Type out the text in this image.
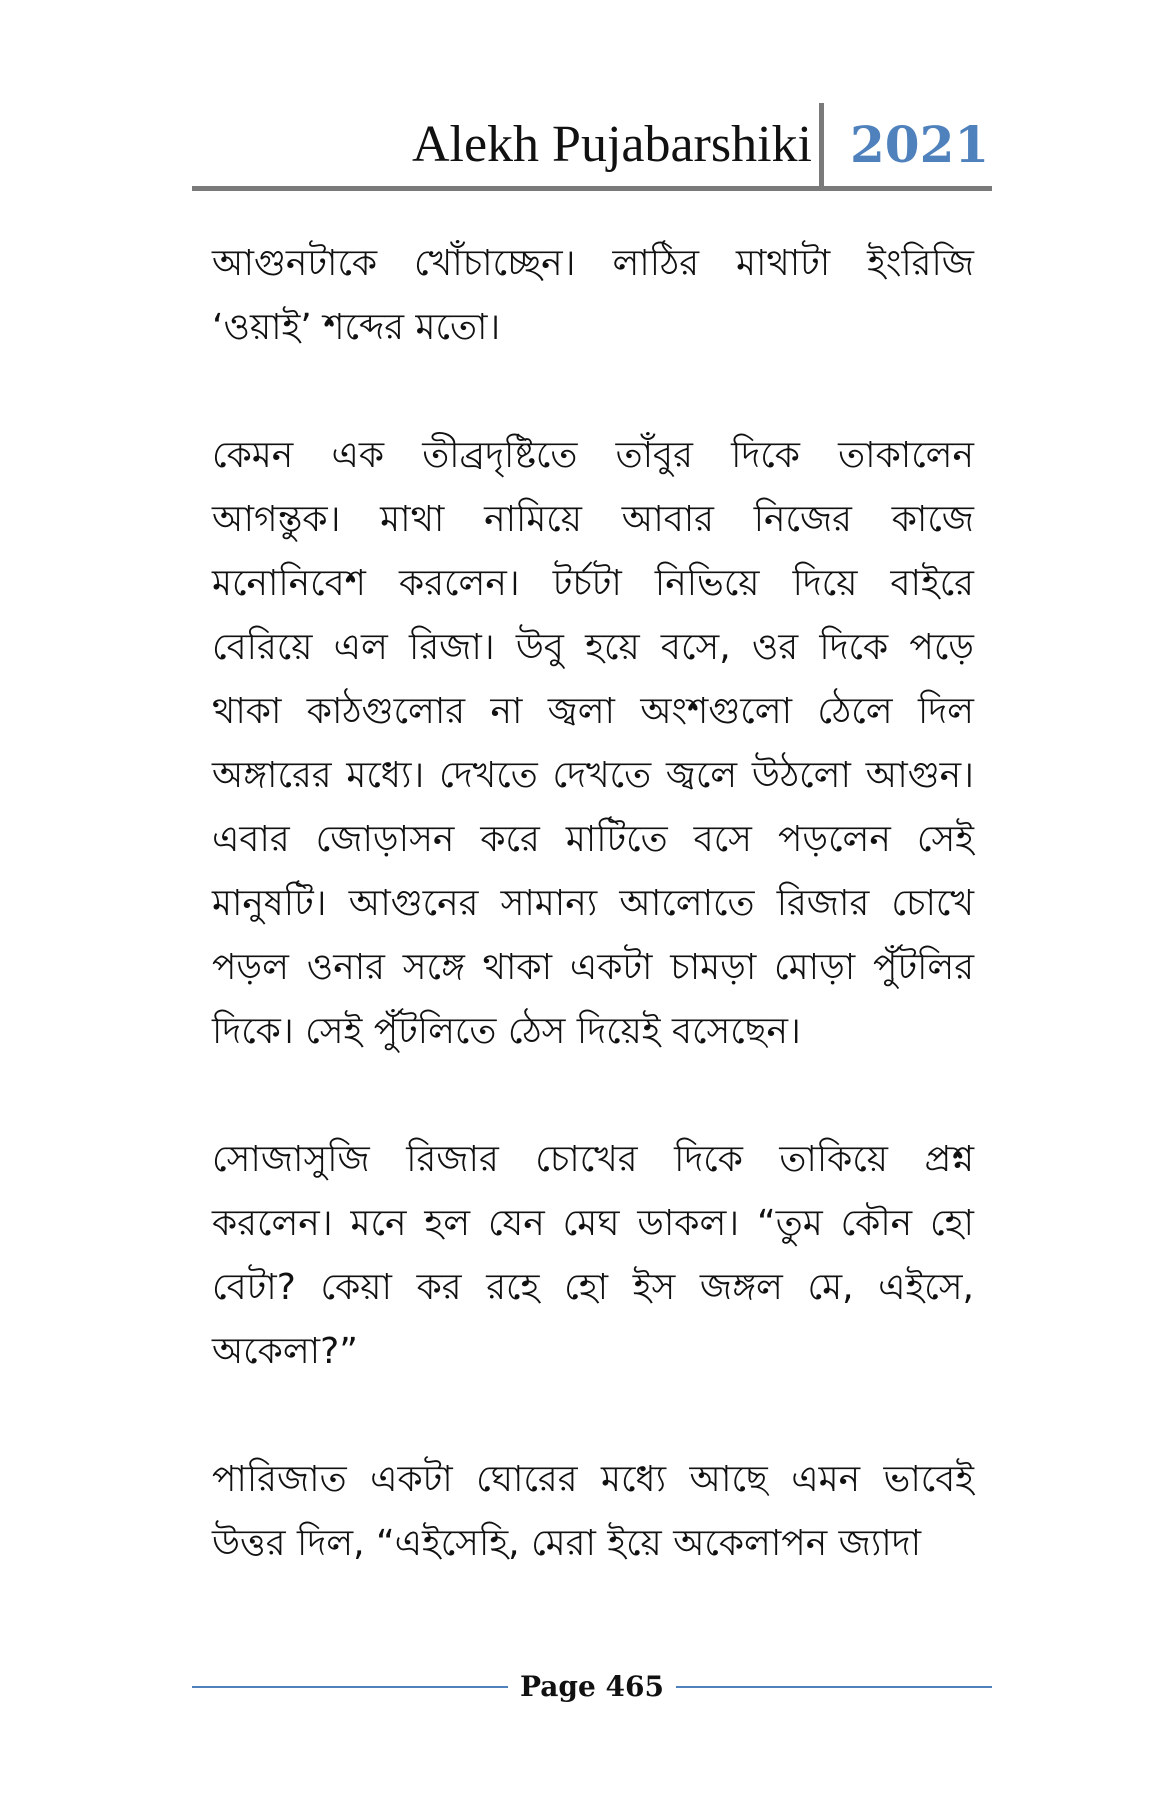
Alekh Pujabarshiki 2021

আগুনটাকে খোঁচাচ্ছেন। লাঠির মাথাটা ইংরিজি ‘ওয়াই’ শব্দের মতো।

কেমন এক তীব্রদৃষ্টিতে তাঁবুর দিকে তাকালেন আগন্তুক। মাথা নামিয়ে আবার নিজের কাজে মনোনিবেশ করলেন। টর্চটা নিভিয়ে দিয়ে বাইরে বেরিয়ে এল রিজা। উবু হয়ে বসে, ওর দিকে পড়ে থাকা কাঠগুলোর না জ্বলা অংশগুলো ঠেলে দিল অঙ্গারের মধ্যে। দেখতে দেখতে জ্বলে উঠলো আগুন। এবার জোড়াসন করে মাটিতে বসে পড়লেন সেই মানুষটি। আগুনের সামান্য আলোতে রিজার চোখে পড়ল ওনার সঙ্গে থাকা একটা চামড়া মোড়া পুঁটলির দিকে। সেই পুঁটলিতে ঠেস দিয়েই বসেছেন।

সোজাসুজি রিজার চোখের দিকে তাকিয়ে প্রশ্ন করলেন। মনে হল যেন মেঘ ডাকল। “তুম কৌন হো বেটা? কেয়া কর রহে হো ইস জঙ্গল মে, এইসে, অকেলা?”

পারিজাত একটা ঘোরের মধ্যে আছে এমন ভাবেই উত্তর দিল, “এইসেহি, মেরা ইয়ে অকেলাপন জ্যাদা

Page 465
